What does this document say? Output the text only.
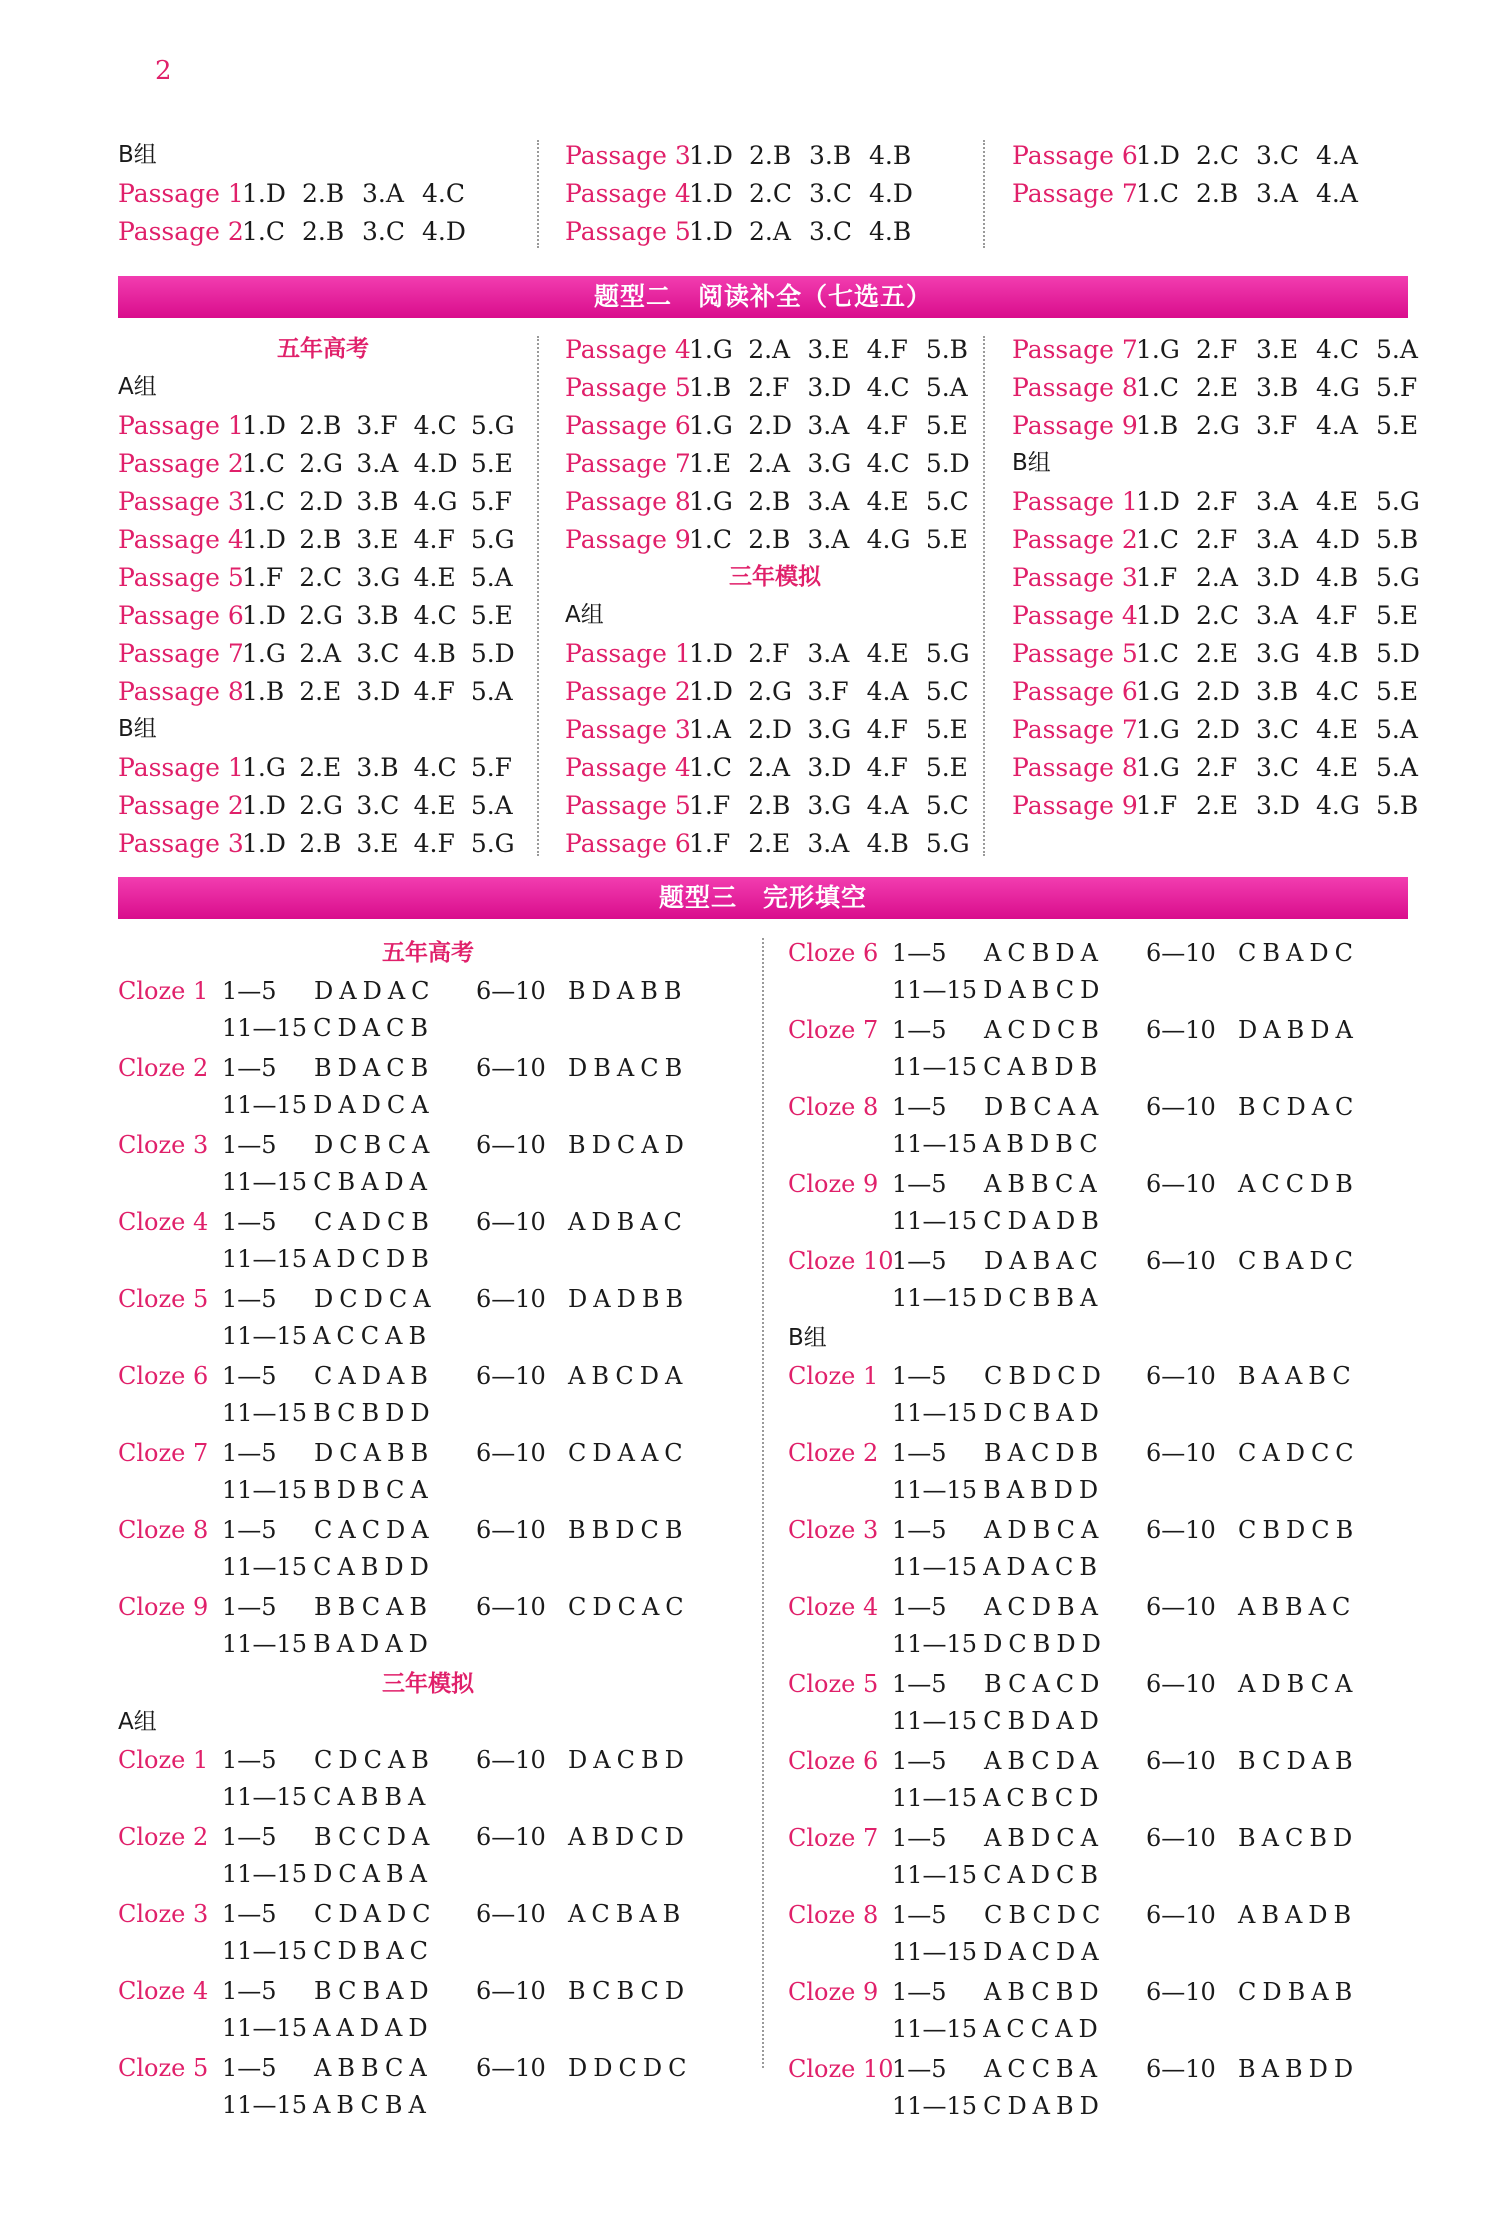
2
B组
Passage 1
1.D 2.B 3.A 4.C
Passage 2
1.C 2.B 3.C 4.D
Passage 3
1.D 2.B 3.B 4.B
Passage 4
1.D 2.C 3.C 4.D
Passage 5
1.D 2.A 3.C 4.B
Passage 6
1.D 2.C 3.C 4.A
Passage 7
1.C 2.B 3.A 4.A
题型二　阅读补全（七选五）
五年高考
A组
Passage 1
1.D 2.B 3.F 4.C 5.G
Passage 2
1.C 2.G 3.A 4.D 5.E
Passage 3
1.C 2.D 3.B 4.G 5.F
Passage 4
1.D 2.B 3.E 4.F 5.G
Passage 5
1.F 2.C 3.G 4.E 5.A
Passage 6
1.D 2.G 3.B 4.C 5.E
Passage 7
1.G 2.A 3.C 4.B 5.D
Passage 8
1.B 2.E 3.D 4.F 5.A
B组
Passage 1
1.G 2.E 3.B 4.C 5.F
Passage 2
1.D 2.G 3.C 4.E 5.A
Passage 3
1.D 2.B 3.E 4.F 5.G
Passage 4
1.G 2.A 3.E 4.F 5.B
Passage 5
1.B 2.F 3.D 4.C 5.A
Passage 6
1.G 2.D 3.A 4.F 5.E
Passage 7
1.E 2.A 3.G 4.C 5.D
Passage 8
1.G 2.B 3.A 4.E 5.C
Passage 9
1.C 2.B 3.A 4.G 5.E
三年模拟
A组
Passage 1
1.D 2.F 3.A 4.E 5.G
Passage 2
1.D 2.G 3.F 4.A 5.C
Passage 3
1.A 2.D 3.G 4.F 5.E
Passage 4
1.C 2.A 3.D 4.F 5.E
Passage 5
1.F 2.B 3.G 4.A 5.C
Passage 6
1.F 2.E 3.A 4.B 5.G
Passage 7
1.G 2.F 3.E 4.C 5.A
Passage 8
1.C 2.E 3.B 4.G 5.F
Passage 9
1.B 2.G 3.F 4.A 5.E
B组
Passage 1
1.D 2.F 3.A 4.E 5.G
Passage 2
1.C 2.F 3.A 4.D 5.B
Passage 3
1.F 2.A 3.D 4.B 5.G
Passage 4
1.D 2.C 3.A 4.F 5.E
Passage 5
1.C 2.E 3.G 4.B 5.D
Passage 6
1.G 2.D 3.B 4.C 5.E
Passage 7
1.G 2.D 3.C 4.E 5.A
Passage 8
1.G 2.F 3.C 4.E 5.A
Passage 9
1.F 2.E 3.D 4.G 5.B
题型三　完形填空
五年高考
Cloze 1 1—5	DADAC	6—10 BDABB
11—15 CDACB
Cloze 2 1—5	BDACB	6—10 DBACB
11—15 DADCA
Cloze 3 1—5	DCBCA	6—10 BDCAD
11—15 CBADA
Cloze 4 1—5	CADCB	6—10 ADBAC
11—15 ADCDB
Cloze 5 1—5	DCDCA	6—10 DADBB
11—15 ACCAB
Cloze 6 1—5	CADAB	6—10 ABCDA
11—15 BCBDD
Cloze 7 1—5	DCABB	6—10 CDAAC
11—15 BDBCA
Cloze 8 1—5	CACDA	6—10 BBDCB
11—15 CABDD
Cloze 9 1—5	BBCAB	6—10 CDCAC
11—15 BADAD
三年模拟
A组
Cloze 1 1—5	CDCAB	6—10 DACBD
11—15 CABBA
Cloze 2 1—5	BCCDA	6—10 ABDCD
11—15 DCABA
Cloze 3 1—5	CDADC	6—10 ACBAB
11—15 CDBAC
Cloze 4 1—5	BCBAD	6—10 BCBCD
11—15 AADAD
Cloze 5 1—5	ABBCA	6—10 DDCDC
11—15 ABCBA
Cloze 6 1—5	ACBDA	6—10 CBADC
11—15 DABCD
Cloze 7 1—5	ACDCB	6—10 DABDA
11—15 CABDB
Cloze 8 1—5	DBCAA	6—10 BCDAC
11—15 ABDBC
Cloze 9 1—5	ABBCA	6—10 ACCDB
11—15 CDADB
Cloze 10
1—5	DABAC	6—10 CBADC
11—15 DCBBA
B组
Cloze 1 1—5	CBDCD	6—10 BAABC
11—15 DCBAD
Cloze 2 1—5	BACDB	6—10 CADCC
11—15 BABDD
Cloze 3 1—5	ADBCA	6—10 CBDCB
11—15 ADACB
Cloze 4 1—5	ACDBA	6—10 ABBAC
11—15 DCBDD
Cloze 5 1—5	BCACD	6—10 ADBCA
11—15 CBDAD
Cloze 6 1—5	ABCDA	6—10 BCDAB
11—15 ACBCD
Cloze 7 1—5	ABDCA	6—10 BACBD
11—15 CADCB
Cloze 8 1—5	CBCDC	6—10 ABADB
11—15 DACDA
Cloze 9 1—5	ABCBD	6—10 CDBAB
11—15 ACCAD
Cloze 10
1—5	ACCBA	6—10 BABDD
11—15 CDABD
